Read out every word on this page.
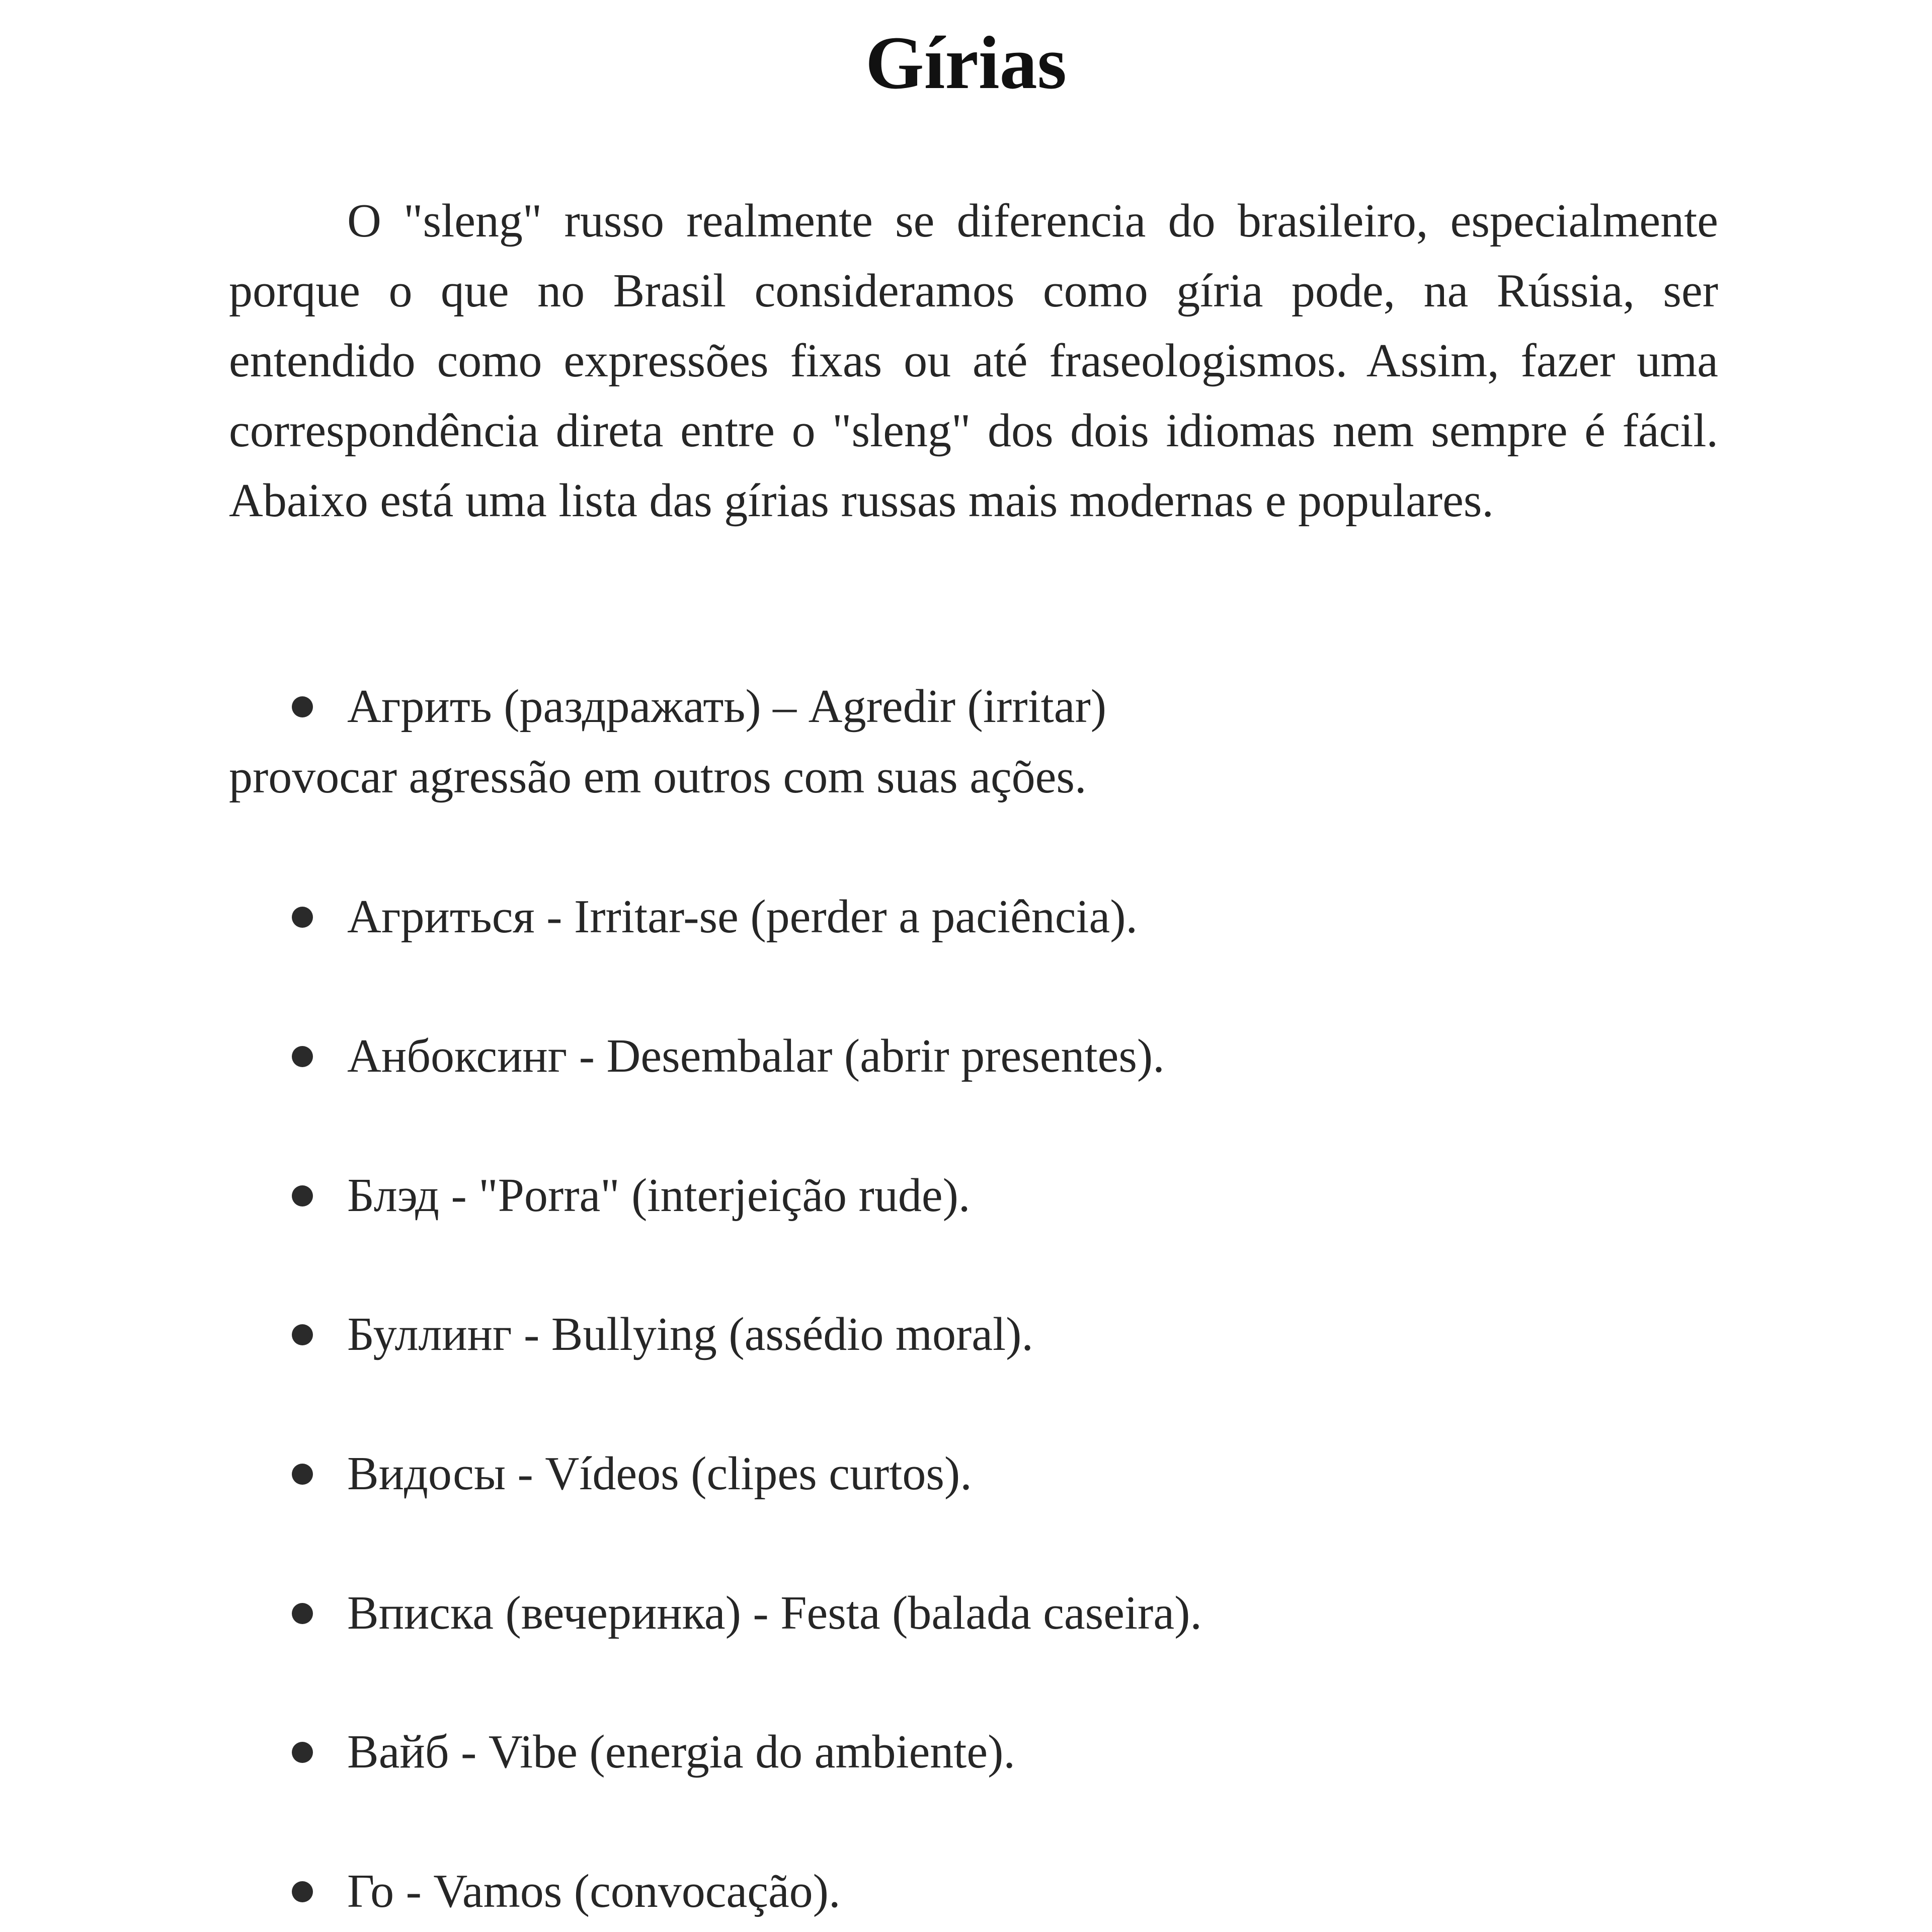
Gírias

O "sleng" russo realmente se diferencia do brasileiro, especialmente porque o que no Brasil consideramos como gíria pode, na Rússia, ser entendido como expressões fixas ou até fraseologismos. Assim, fazer uma correspondência direta entre o "sleng" dos dois idiomas nem sempre é fácil. Abaixo está uma lista das gírias russas mais modernas e populares.

Агрить (раздражать) – Agredir (irritar)
provocar agressão em outros com suas ações.
Агриться - Irritar-se (perder a paciência).
Анбоксинг - Desembalar (abrir presentes).
Блэд - "Porra" (interjeição rude).
Буллинг - Bullying (assédio moral).
Видосы - Vídeos (clipes curtos).
Вписка (вечеринка) - Festa (balada caseira).
Вайб - Vibe (energia do ambiente).
Го - Vamos (convocação).
